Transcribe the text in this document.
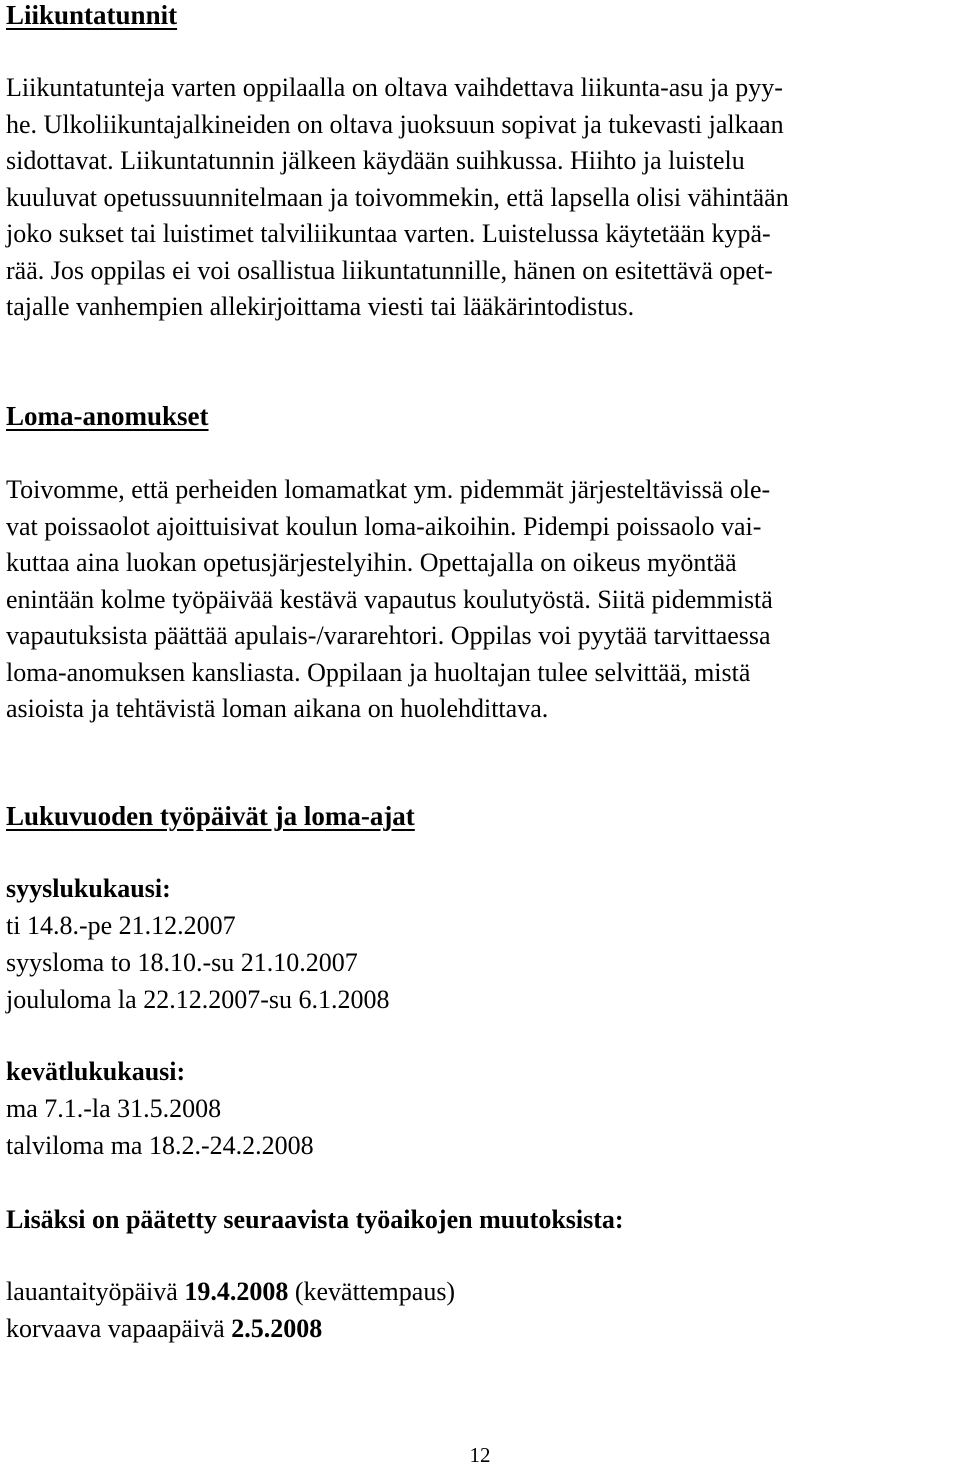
Liikuntatunnit
Liikuntatunteja varten oppilaalla on oltava vaihdettava liikunta-asu ja pyy-
he. Ulkoliikuntajalkineiden on oltava juoksuun sopivat ja tukevasti jalkaan
sidottavat. Liikuntatunnin jälkeen käydään suihkussa. Hiihto ja luistelu
kuuluvat opetussuunnitelmaan ja toivommekin, että lapsella olisi vähintään
joko sukset tai luistimet talviliikuntaa varten. Luistelussa käytetään kypä-
rää. Jos oppilas ei voi osallistua liikuntatunnille, hänen on esitettävä opet-
tajalle vanhempien allekirjoittama viesti tai lääkärintodistus.
Loma-anomukset
Toivomme, että perheiden lomamatkat ym. pidemmät järjesteltävissä ole-
vat poissaolot ajoittuisivat koulun loma-aikoihin. Pidempi poissaolo vai-
kuttaa aina luokan opetusjärjestelyihin. Opettajalla on oikeus myöntää
enintään kolme työpäivää kestävä vapautus koulutyöstä. Siitä pidemmistä
vapautuksista päättää apulais-/vararehtori. Oppilas voi pyytää tarvittaessa
loma-anomuksen kansliasta. Oppilaan ja huoltajan tulee selvittää, mistä
asioista ja tehtävistä loman aikana on huolehdittava.
Lukuvuoden työpäivät ja loma-ajat
syyslukukausi:
ti 14.8.-pe 21.12.2007
syysloma to 18.10.-su 21.10.2007
joululoma la 22.12.2007-su 6.1.2008
kevätlukukausi:
ma 7.1.-la 31.5.2008
talviloma ma 18.2.-24.2.2008
Lisäksi on päätetty seuraavista työaikojen muutoksista:
lauantaityöpäivä 19.4.2008 (kevättempaus)
korvaava vapaapäivä 2.5.2008
12
